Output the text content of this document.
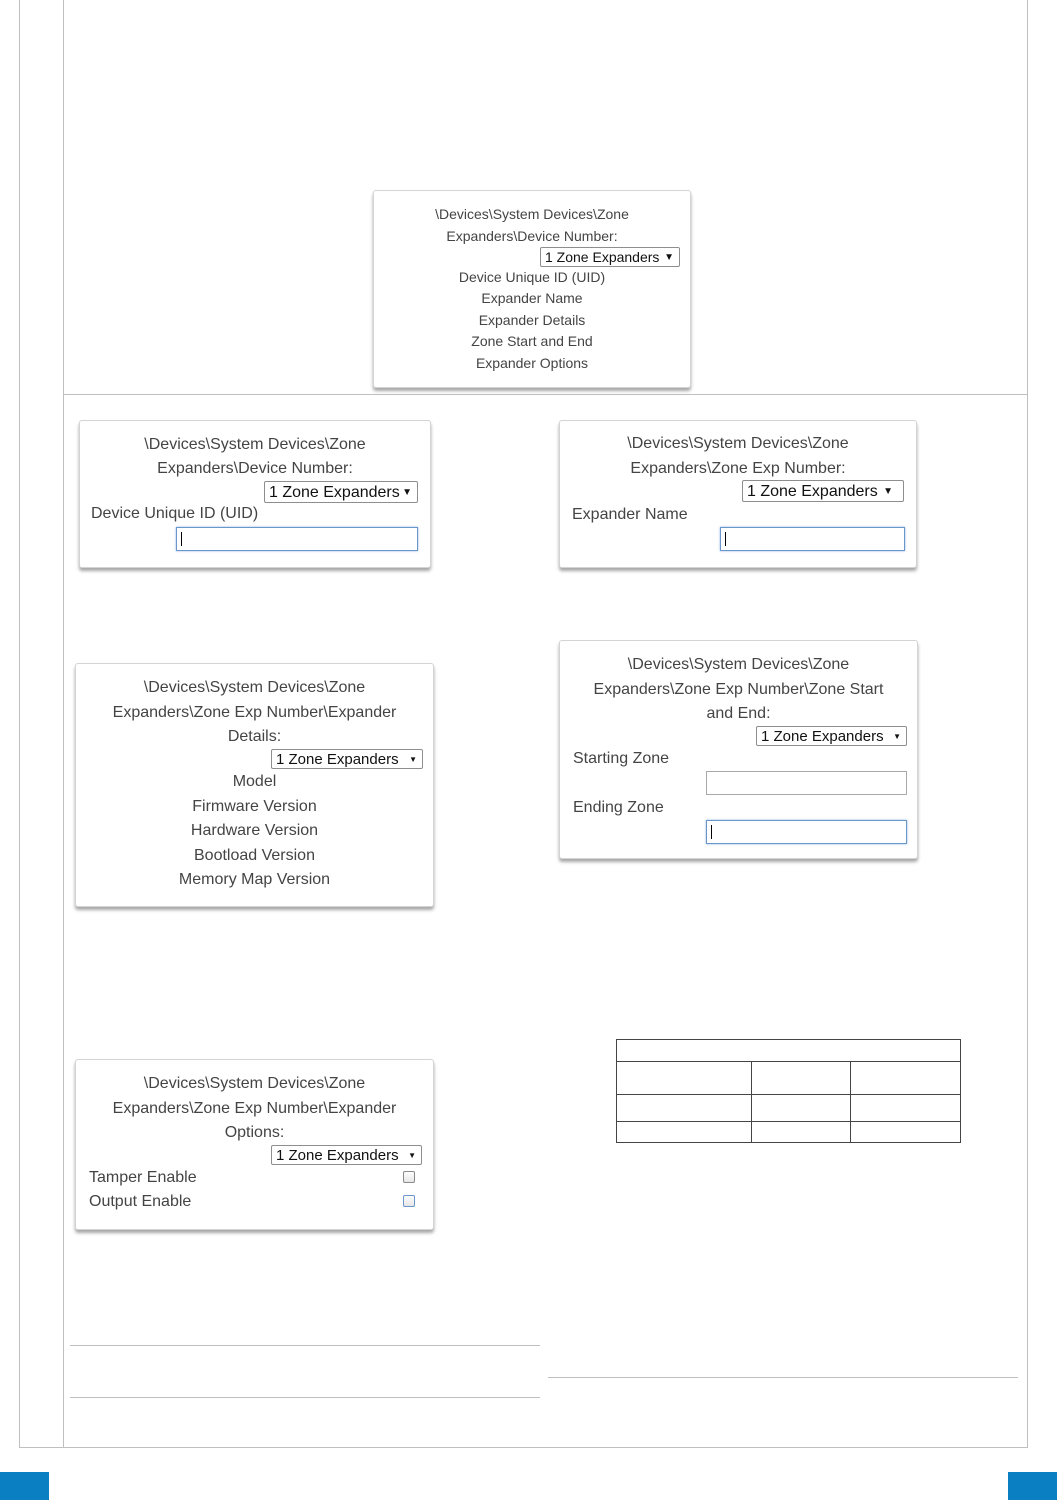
\Devices\System Devices\Zone
Expanders\Device Number:
1 Zone Expanders ▼
Device Unique ID (UID)
Expander Name
Expander Details
Zone Start and End
Expander Options
\Devices\System Devices\Zone
Expanders\Device Number:
1 Zone Expanders ▼
Device Unique ID (UID)
\Devices\System Devices\Zone
Expanders\Zone Exp Number:
1 Zone Expanders ▼
Expander Name
\Devices\System Devices\Zone
Expanders\Zone Exp Number\Expander
Details:
1 Zone Expanders ▼
Model
Firmware Version
Hardware Version
Bootload Version
Memory Map Version
\Devices\System Devices\Zone
Expanders\Zone Exp Number\Zone Start
and End:
1 Zone Expanders ▼
Starting Zone
Ending Zone
\Devices\System Devices\Zone
Expanders\Zone Exp Number\Expander
Options:
1 Zone Expanders ▼
Tamper Enable
Output Enable
